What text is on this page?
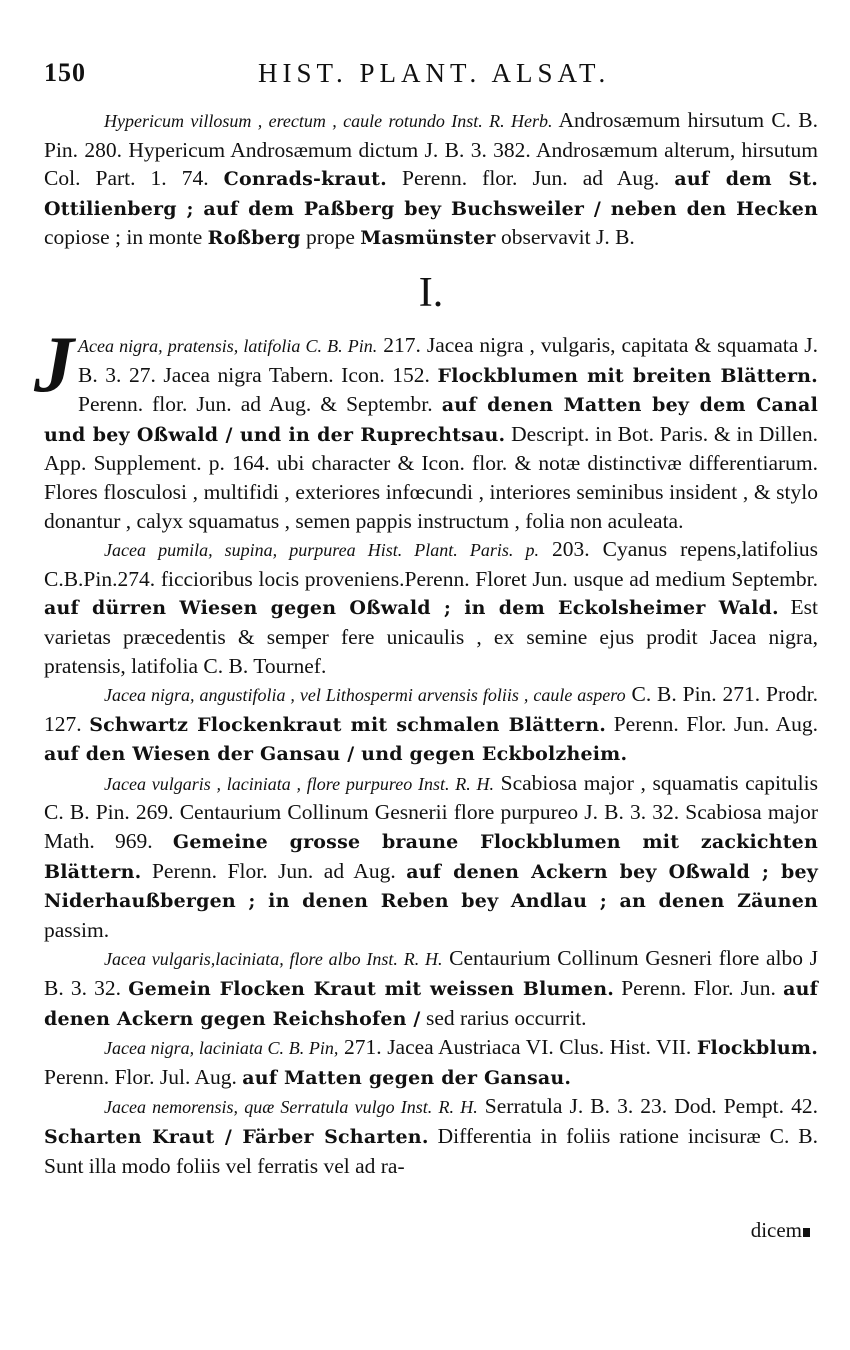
150	HIST. PLANT. ALSAT.

Hypericum villosum , erectum , caule rotundo Inst. R. Herb. Androsæmum hirsutum C. B. Pin. 280. Hypericum Androsæmum dictum J. B. 3. 382. Androsæmum alterum, hirsutum Col. Part. 1. 74. Conrads-kraut. Perenn. flor. Jun. ad Aug. auf dem St. Ottilienberg ; auf dem Paßberg bey Buchsweiler / neben den Hecken copiose ; in monte Roßberg prope Masmünster observavit J. B.

I.

J Acea nigra, pratensis, latifolia C. B. Pin. 217. Jacea nigra , vulgaris, capitata & squamata J. B. 3. 27. Jacea nigra Tabern. Icon. 152. Flockblumen mit breiten Blättern. Perenn. flor. Jun. ad Aug. & Septembr. auf denen Matten bey dem Canal und bey Oßwald / und in der Ruprechtsau. Descript. in Bot. Paris. & in Dillen. App. Supplement. p. 164. ubi character & Icon. flor. & notæ distinctivæ differentiarum. Flores flosculosi , multifidi , exteriores infœcundi , interiores seminibus insident , & stylo donantur , calyx squamatus , semen pappis instructum , folia non aculeata.

Jacea pumila, supina, purpurea Hist. Plant. Paris. p. 203. Cyanus repens,latifolius C.B.Pin.274. ficcioribus locis proveniens.Perenn. Floret Jun. usque ad medium Septembr. auf dürren Wiesen gegen Oßwald ; in dem Eckolsheimer Wald. Est varietas præcedentis & semper fere unicaulis , ex semine ejus prodit Jacea nigra, pratensis, latifolia C. B. Tournef.

Jacea nigra, angustifolia , vel Lithospermi arvensis foliis , caule aspero C. B. Pin. 271. Prodr. 127. Schwartz Flockenkraut mit schmalen Blättern. Perenn. Flor. Jun. Aug. auf den Wiesen der Gansau / und gegen Eckbolzheim.

Jacea vulgaris , laciniata , flore purpureo Inst. R. H. Scabiosa major , squamatis capitulis C. B. Pin. 269. Centaurium Collinum Gesnerii flore purpureo J. B. 3. 32. Scabiosa major Math. 969. Gemeine grosse braune Flockblumen mit zackichten Blättern. Perenn. Flor. Jun. ad Aug. auf denen Ackern bey Oßwald ; bey Niderhaußbergen ; in denen Reben bey Andlau ; an denen Zäunen passim.

Jacea vulgaris,laciniata, flore albo Inst. R. H. Centaurium Collinum Gesneri flore albo J B. 3. 32. Gemein Flocken Kraut mit weissen Blumen. Perenn. Flor. Jun. auf denen Ackern gegen Reichshofen / sed rarius occurrit.

Jacea nigra, laciniata C. B. Pin, 271. Jacea Austriaca VI. Clus. Hist. VII. Flockblum. Perenn. Flor. Jul. Aug. auf Matten gegen der Gansau.

Jacea nemorensis, quæ Serratula vulgo Inst. R. H. Serratula J. B. 3. 23. Dod. Pempt. 42. Scharten Kraut / Färber Scharten. Differentia in foliis ratione incisuræ C. B. Sunt illa modo foliis vel ferratis vel ad ra-

dicem
